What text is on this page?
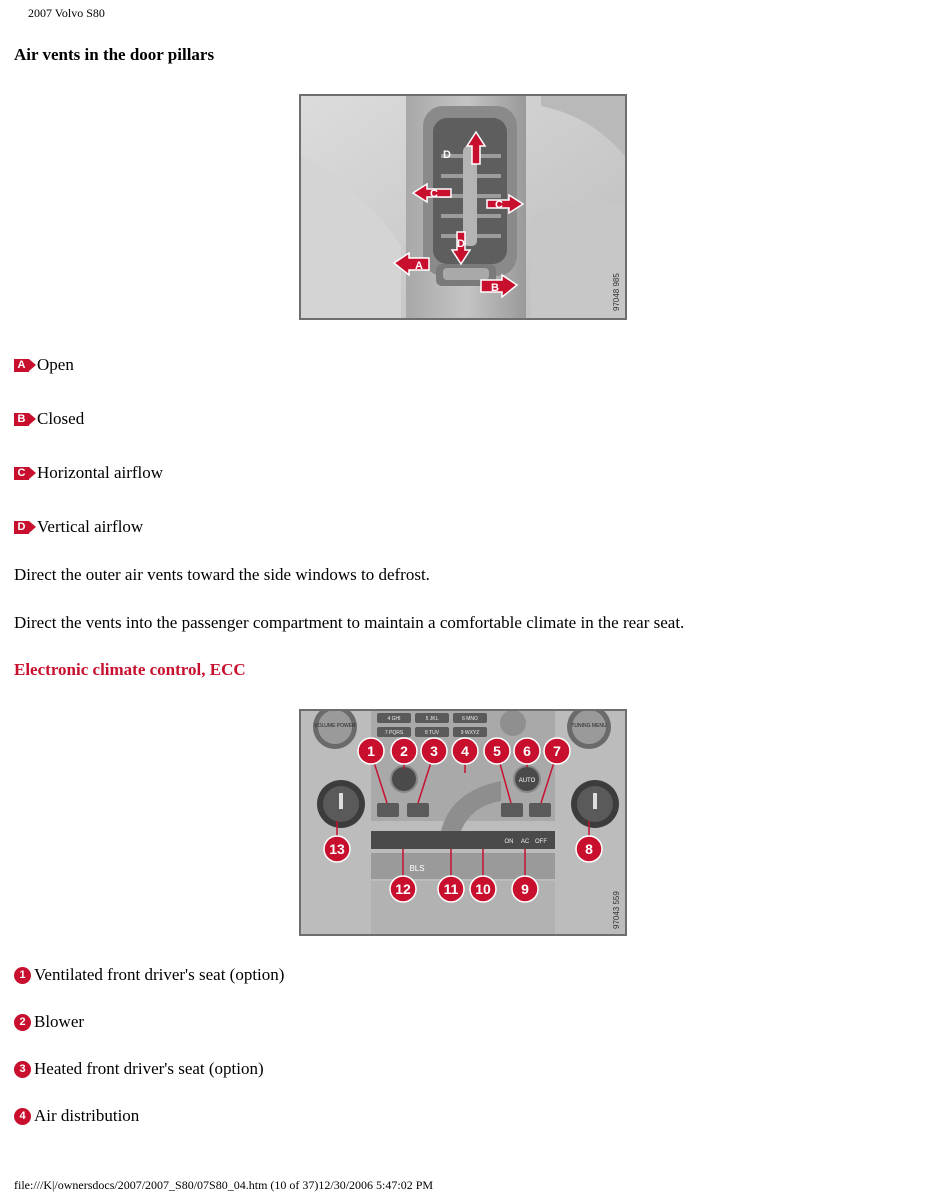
2007 Volvo S80
Air vents in the door pillars
D
C
C
D
A
B	97048 985
A Open
B Closed
C Horizontal airflow
D Vertical airflow
Direct the outer air vents toward the side windows to defrost.
Direct the vents into the passenger compartment to maintain a comfortable climate in the rear seat.
Electronic climate control, ECC
VOLUME POWER	TUNING MENU
4 GHI	5 JKL	6 MNO
7 PQRS	8 TUV	9 WXYZ
AUTO
ON AC OFF
BLS
1 2 3 4 5 6 7
8
9
10
11
12
13
97043 559
1 Ventilated front driver's seat (option)
2 Blower
3 Heated front driver's seat (option)
4 Air distribution
file:///K|/ownersdocs/2007/2007_S80/07S80_04.htm (10 of 37)12/30/2006 5:47:02 PM
